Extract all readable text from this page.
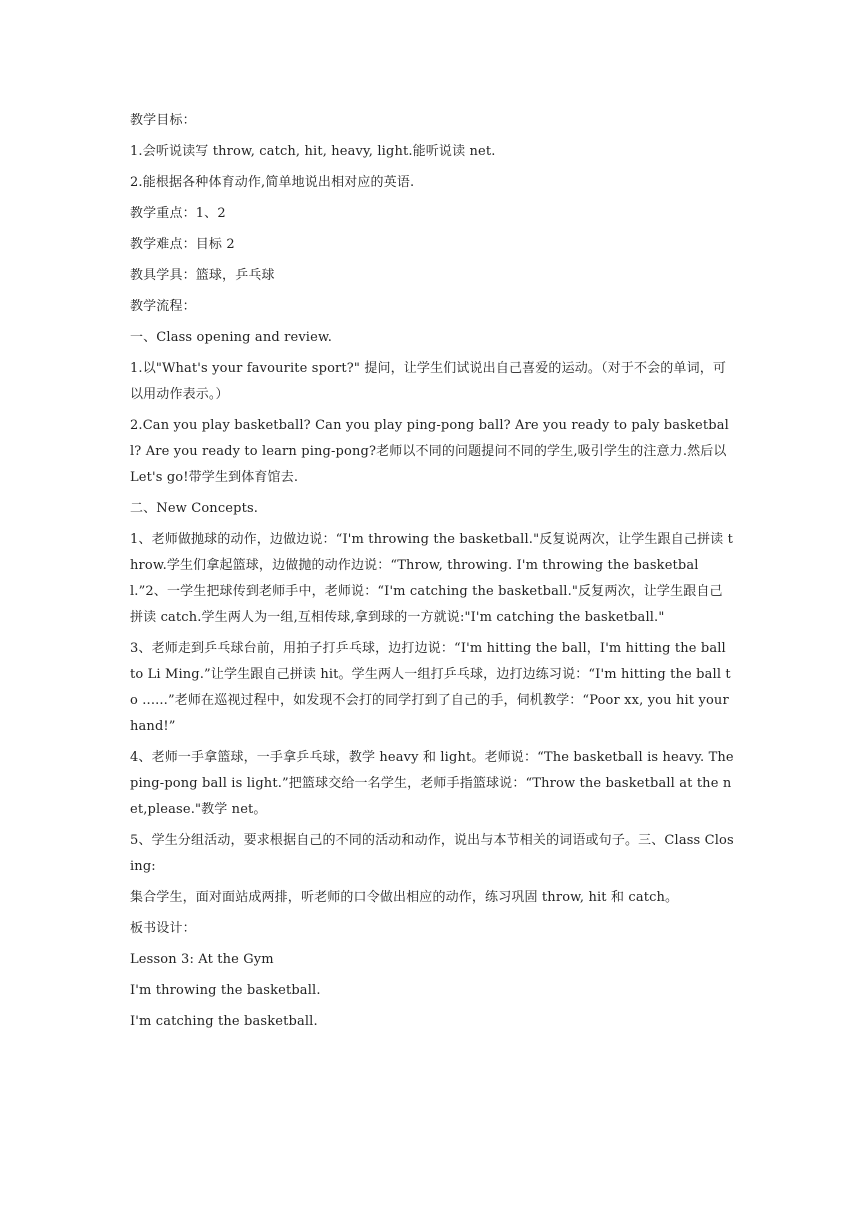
教学目标：

1.会听说读写 throw, catch, hit, heavy, light.能听说读 net.

2.能根据各种体育动作,简单地说出相对应的英语.

教学重点：1、2

教学难点：目标 2

教具学具：篮球，乒乓球

教学流程：

一、Class opening and review.

1.以"What's your favourite sport?" 提问，让学生们试说出自己喜爱的运动。（对于不会的单词，可以用动作表示。）

2.Can you play basketball? Can you play ping-pong ball? Are you ready to paly basketball? Are you ready to learn ping-pong?老师以不同的问题提问不同的学生,吸引学生的注意力.然后以 Let's go!带学生到体育馆去.

二、New Concepts.

1、老师做抛球的动作，边做边说：“I'm throwing the basketball."反复说两次，让学生跟自己拼读 throw.学生们拿起篮球，边做抛的动作边说：“Throw, throwing. I'm throwing the basketball.”2、一学生把球传到老师手中，老师说：“I'm catching the basketball."反复两次，让学生跟自己拼读 catch.学生两人为一组,互相传球,拿到球的一方就说:"I'm catching the basketball."

3、老师走到乒乓球台前，用拍子打乒乓球，边打边说：“I'm hitting the ball，I'm hitting the ball to Li Ming.”让学生跟自己拼读 hit。学生两人一组打乒乓球，边打边练习说：“I'm hitting the ball to ......”老师在巡视过程中，如发现不会打的同学打到了自己的手，伺机教学：“Poor xx, you hit your hand!”

4、老师一手拿篮球，一手拿乒乓球，教学 heavy 和 light。老师说：“The basketball is heavy. The ping-pong ball is light.”把篮球交给一名学生，老师手指篮球说：“Throw the basketball at the net,please."教学 net。

5、学生分组活动，要求根据自己的不同的活动和动作，说出与本节相关的词语或句子。三、Class Closing:

集合学生，面对面站成两排，听老师的口令做出相应的动作，练习巩固 throw, hit 和 catch。

板书设计：

Lesson 3: At the Gym

I'm throwing the basketball.

I'm catching the basketball.
